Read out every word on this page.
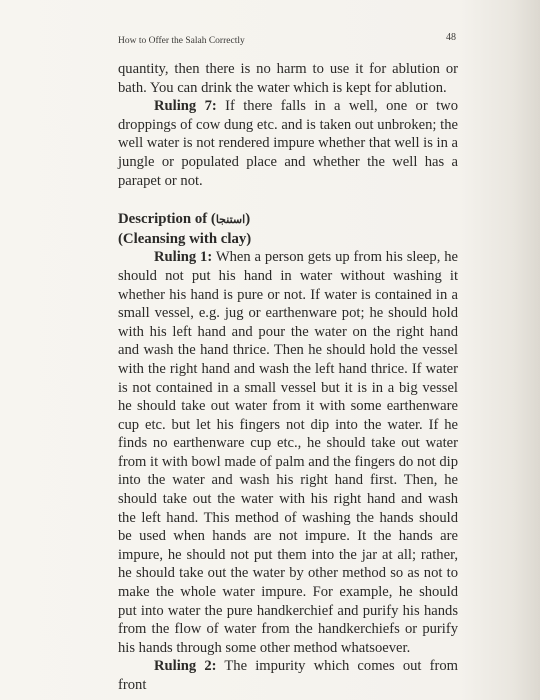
How to Offer the Salah Correctly	48

quantity, then there is no harm to use it for ablution or bath. You can drink the water which is kept for ablution.

Ruling 7: If there falls in a well, one or two droppings of cow dung etc. and is taken out unbroken; the well water is not rendered impure whether that well is in a jungle or populated place and whether the well has a parapet or not.

Description of (استنجا)

(Cleansing with clay)

Ruling 1: When a person gets up from his sleep, he should not put his hand in water without washing it whether his hand is pure or not. If water is contained in a small vessel, e.g. jug or earthenware pot; he should hold with his left hand and pour the water on the right hand and wash the hand thrice. Then he should hold the vessel with the right hand and wash the left hand thrice. If water is not contained in a small vessel but it is in a big vessel he should take out water from it with some earthenware cup etc. but let his fingers not dip into the water. If he finds no earthenware cup etc., he should take out water from it with bowl made of palm and the fingers do not dip into the water and wash his right hand first. Then, he should take out the water with his right hand and wash the left hand. This method of washing the hands should be used when hands are not impure. It the hands are impure, he should not put them into the jar at all; rather, he should take out the water by other method so as not to make the whole water impure. For example, he should put into water the pure handkerchief and purify his hands from the flow of water from the handkerchiefs or purify his hands through some other method whatsoever.

Ruling 2: The impurity which comes out from front
